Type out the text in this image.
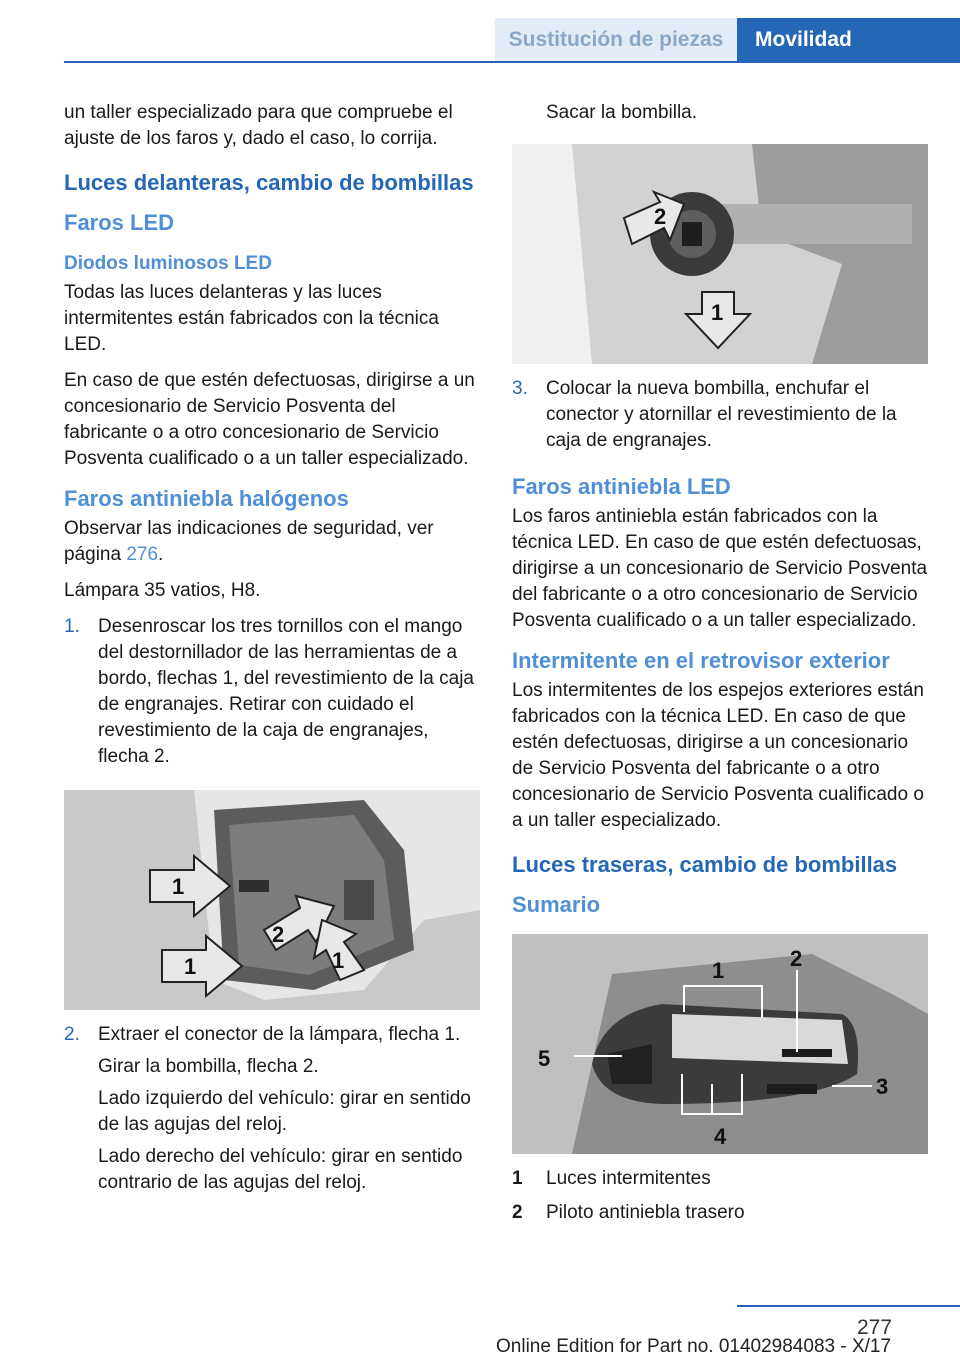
Sustitución de piezas	Movilidad

un taller especializado para que compruebe el ajuste de los faros y, dado el caso, lo corrija.

Luces delanteras, cambio de bombillas
Faros LED
Diodos luminosos LED

Todas las luces delanteras y las luces intermitentes están fabricados con la técnica LED.

En caso de que estén defectuosas, dirigirse a un concesionario de Servicio Posventa del fabricante o a otro concesionario de Servicio Posventa cualificado o a un taller especializado.

Faros antiniebla halógenos

Observar las indicaciones de seguridad, ver página 276.

Lámpara 35 vatios, H8.

1. Desenroscar los tres tornillos con el mango del destornillador de las herramientas de a bordo, flechas 1, del revestimiento de la caja de engranajes. Retirar con cuidado el revestimiento de la caja de engranajes, flecha 2.

1
2
1	1
2. Extraer el conector de la lámpara, flecha 1.

Girar la bombilla, flecha 2.

Lado izquierdo del vehículo: girar en sentido de las agujas del reloj.

Lado derecho del vehículo: girar en sentido contrario de las agujas del reloj.

Sacar la bombilla.

2
1
3. Colocar la nueva bombilla, enchufar el conector y atornillar el revestimiento de la caja de engranajes.

Faros antiniebla LED

Los faros antiniebla están fabricados con la técnica LED. En caso de que estén defectuosas, dirigirse a un concesionario de Servicio Posventa del fabricante o a otro concesionario de Servicio Posventa cualificado o a un taller especializado.

Intermitente en el retrovisor exterior

Los intermitentes de los espejos exteriores están fabricados con la técnica LED. En caso de que estén defectuosas, dirigirse a un concesionario de Servicio Posventa del fabricante o a otro concesionario de Servicio Posventa cualificado o a un taller especializado.

Luces traseras, cambio de bombillas
Sumario
1	2
3
4
5
1	Luces intermitentes
2	Piloto antiniebla trasero
277
Online Edition for Part no. 01402984083 - X/17
